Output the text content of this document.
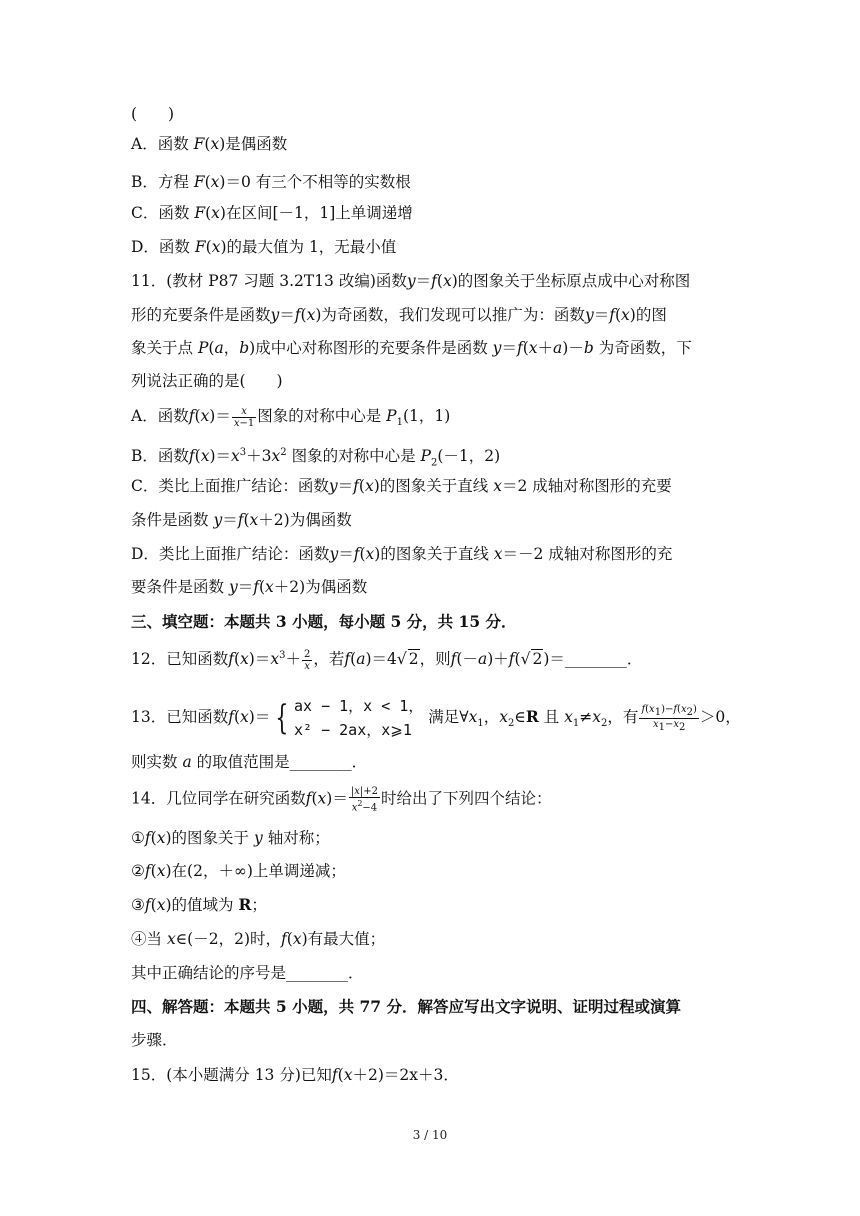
(　　)
A．函数 F(x)是偶函数
B．方程 F(x)＝0 有三个不相等的实数根
C．函数 F(x)在区间[－1，1]上单调递增
D．函数 F(x)的最大值为 1，无最小值
11．(教材 P87 习题 3.2T13 改编)函数y＝f(x)的图象关于坐标原点成中心对称图
形的充要条件是函数y＝f(x)为奇函数，我们发现可以推广为：函数y＝f(x)的图
象关于点 P(a，b)成中心对称图形的充要条件是函数 y＝f(x＋a)－b 为奇函数，下
列说法正确的是(　　)
A．函数$f(x)= \frac{x}{x-1}$ 图象的对称中心是 $P_1(1$，1)
B．函数$f(x)=x^3+3x^2$ 图象的对称中心是 $P_2(-1$，2)
C．类比上面推广结论：函数y＝f(x)的图象关于直线 x＝2 成轴对称图形的充要
条件是函数 y＝f(x＋2)为偶函数
D．类比上面推广结论：函数y＝f(x)的图象关于直线 x＝－2 成轴对称图形的充
要条件是函数 y＝f(x＋2)为偶函数
三、填空题：本题共 3 小题，每小题 5 分，共 15 分．
12．已知函数$f(x)=x^3+ \frac{2}{x}$ ，若f(a)＝4√ 2，则f(－a)＋f(√ 2)＝________．
13．已知函数f(x)＝ { ax − 1，x < 1，
x² − 2ax，x⩾1
满足$\forall x_1$，$x_2\in R$ 且 $x_1\ne x_2$，有 $\frac{f(x_1)-f(x_2)}{x_1-x_2} >0$，
则实数 a 的取值范围是________．
14．几位同学在研究函数$f(x)= \frac{|x|+2}{x^2-4}$ 时给出了下列四个结论：
①f(x)的图象关于 y 轴对称；
②f(x)在(2，＋∞)上单调递减；
③f(x)的值域为 R；
④当 x∈(－2，2)时，f(x)有最大值；
其中正确结论的序号是________．
四、解答题：本题共 5 小题，共 77 分．解答应写出文字说明、证明过程或演算
步骤．
15．(本小题满分 13 分)已知f(x＋2)＝2x＋3．
3 / 10
